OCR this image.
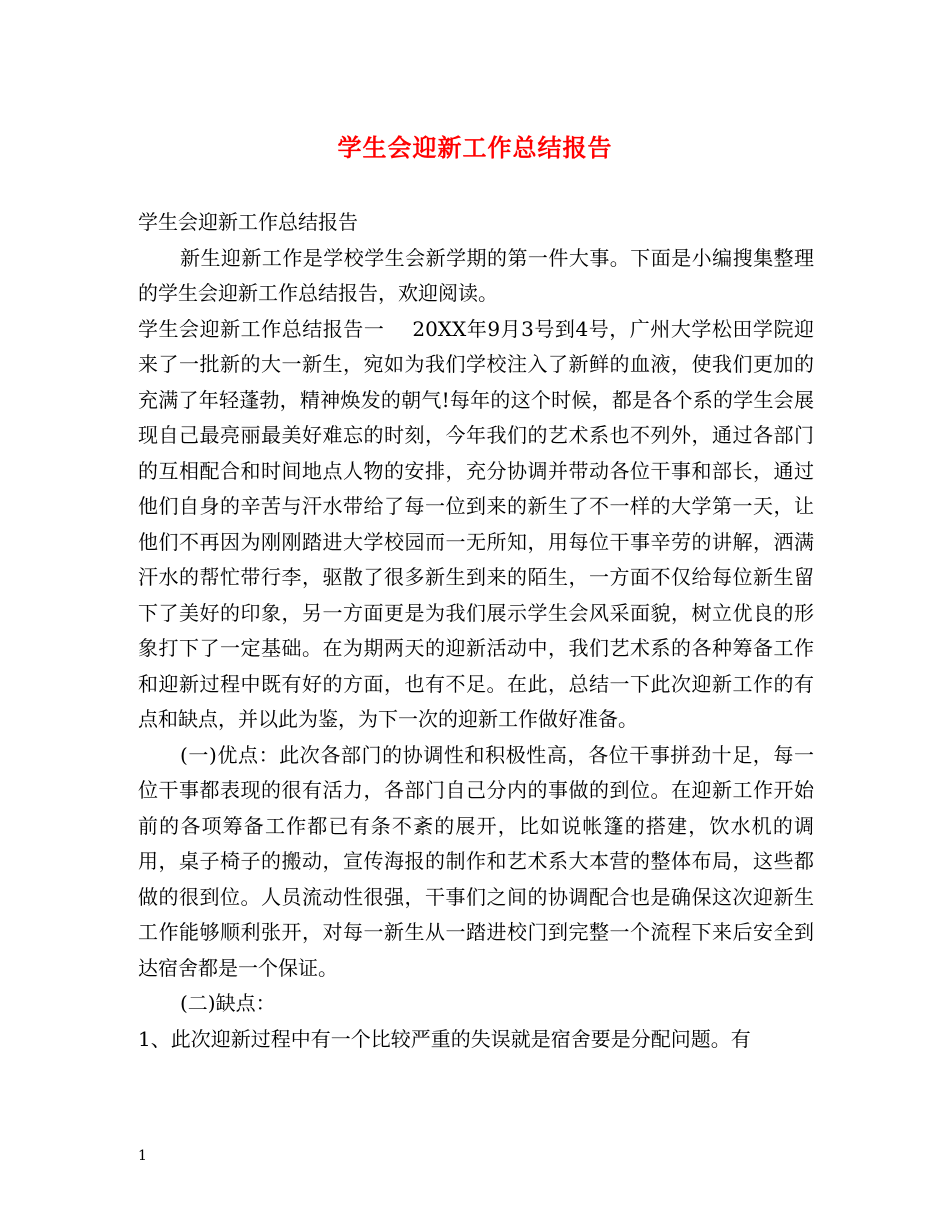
学生会迎新工作总结报告

学生会迎新工作总结报告

新生迎新工作是学校学生会新学期的第一件大事。下面是小编搜集整理的学生会迎新工作总结报告，欢迎阅读。

学生会迎新工作总结报告一 20XX年9月3号到4号，广州大学松田学院迎来了一批新的大一新生，宛如为我们学校注入了新鲜的血液，使我们更加的充满了年轻蓬勃，精神焕发的朝气!每年的这个时候，都是各个系的学生会展现自己最亮丽最美好难忘的时刻，今年我们的艺术系也不列外，通过各部门的互相配合和时间地点人物的安排，充分协调并带动各位干事和部长，通过他们自身的辛苦与汗水带给了每一位到来的新生了不一样的大学第一天，让他们不再因为刚刚踏进大学校园而一无所知，用每位干事辛劳的讲解，洒满汗水的帮忙带行李，驱散了很多新生到来的陌生，一方面不仅给每位新生留下了美好的印象，另一方面更是为我们展示学生会风采面貌，树立优良的形象打下了一定基础。在为期两天的迎新活动中，我们艺术系的各种筹备工作和迎新过程中既有好的方面，也有不足。在此，总结一下此次迎新工作的有点和缺点，并以此为鉴，为下一次的迎新工作做好准备。

(一)优点：此次各部门的协调性和积极性高，各位干事拼劲十足，每一位干事都表现的很有活力，各部门自己分内的事做的到位。在迎新工作开始前的各项筹备工作都已有条不紊的展开，比如说帐篷的搭建，饮水机的调用，桌子椅子的搬动，宣传海报的制作和艺术系大本营的整体布局，这些都做的很到位。人员流动性很强，干事们之间的协调配合也是确保这次迎新生工作能够顺利张开，对每一新生从一踏进校门到完整一个流程下来后安全到达宿舍都是一个保证。

(二)缺点：

1、此次迎新过程中有一个比较严重的失误就是宿舍要是分配问题。有

1
